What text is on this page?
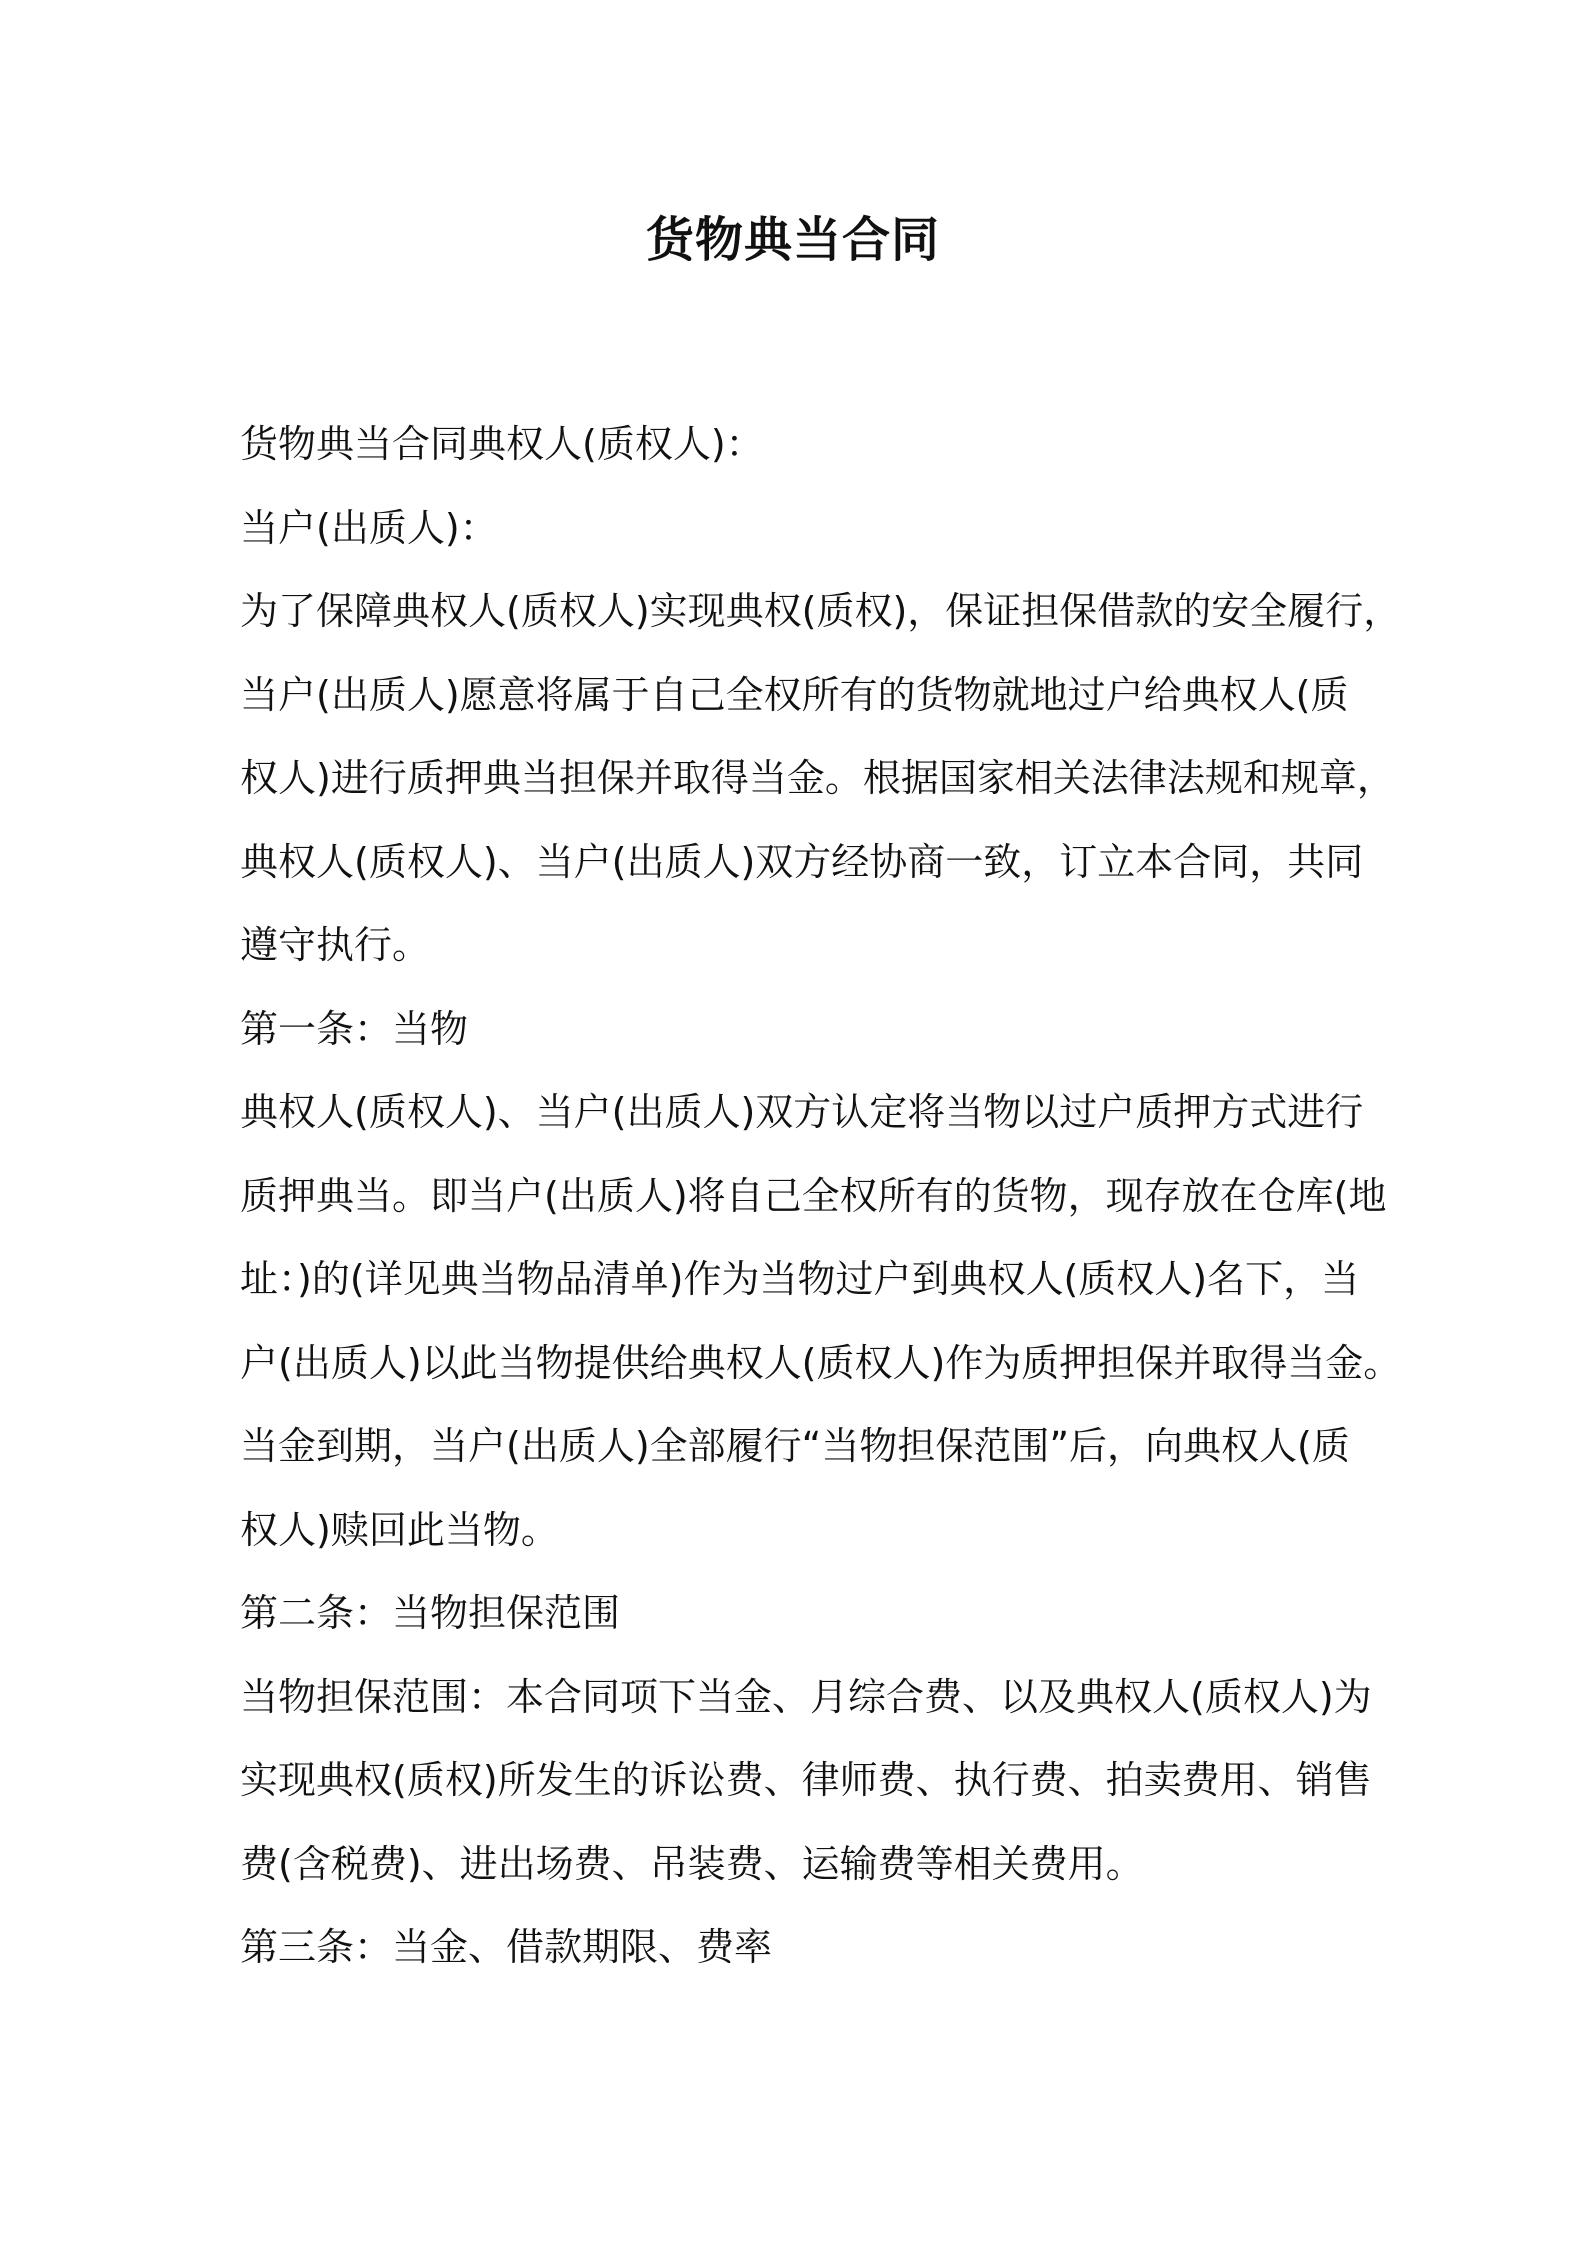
货物典当合同
货物典当合同典权人(质权人)：
当户(出质人)：
为了保障典权人(质权人)实现典权(质权)，保证担保借款的安全履行，
当户(出质人)愿意将属于自己全权所有的货物就地过户给典权人(质
权人)进行质押典当担保并取得当金。根据国家相关法律法规和规章，
典权人(质权人)、当户(出质人)双方经协商一致，订立本合同，共同
遵守执行。
第一条：当物
典权人(质权人)、当户(出质人)双方认定将当物以过户质押方式进行
质押典当。即当户(出质人)将自己全权所有的货物，现存放在仓库(地
址：)的(详见典当物品清单)作为当物过户到典权人(质权人)名下，当
户(出质人)以此当物提供给典权人(质权人)作为质押担保并取得当金。
当金到期，当户(出质人)全部履行“当物担保范围”后，向典权人(质
权人)赎回此当物。
第二条：当物担保范围
当物担保范围：本合同项下当金、月综合费、以及典权人(质权人)为
实现典权(质权)所发生的诉讼费、律师费、执行费、拍卖费用、销售
费(含税费)、进出场费、吊装费、运输费等相关费用。
第三条：当金、借款期限、费率
